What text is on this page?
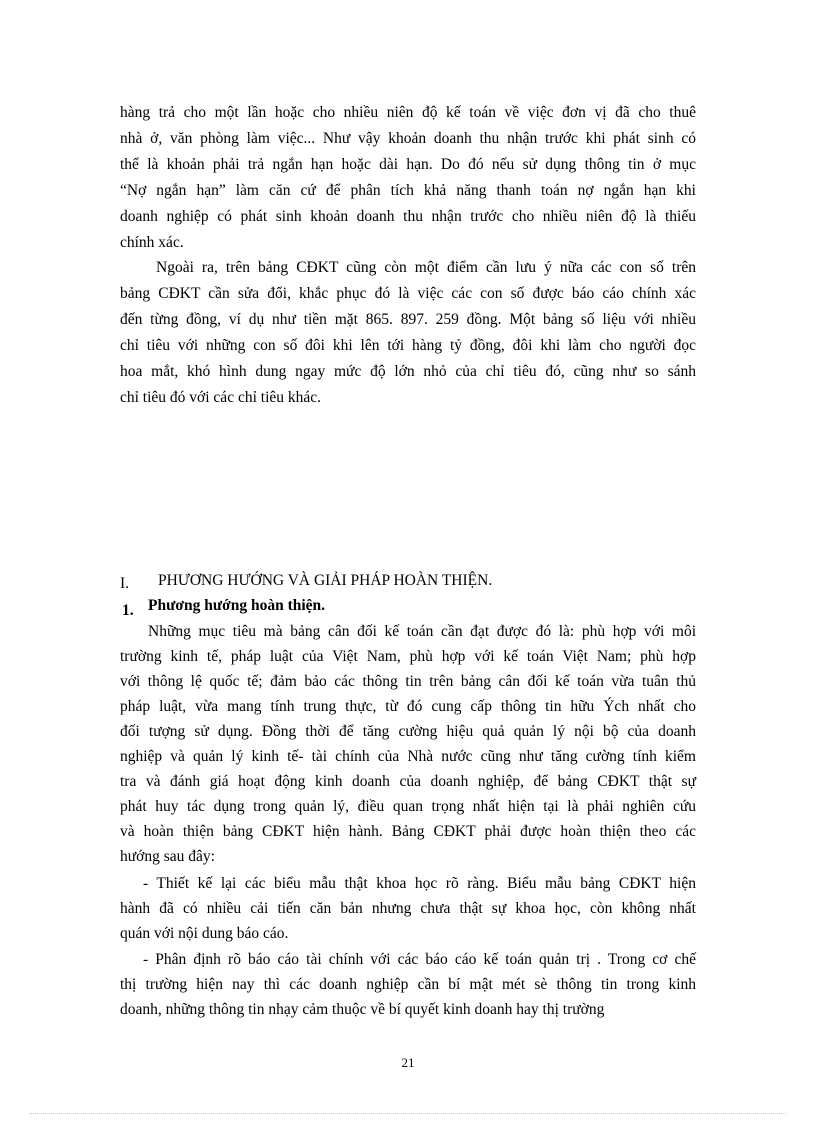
hàng trả cho một lần hoặc cho nhiều niên độ kế toán về việc đơn vị đã cho thuê
nhà ở, văn phòng làm việc... Như vậy khoản doanh thu nhận trước khi phát sinh có
thể là khoản phải trả ngắn hạn hoặc dài hạn. Do đó nếu sử dụng thông tin ở mục
“Nợ ngắn hạn” làm căn cứ để phân tích khả năng thanh toán nợ ngắn hạn khi
doanh nghiệp có phát sinh khoản doanh thu nhận trước cho nhiều niên độ là thiếu
chính xác.
Ngoài ra, trên bảng CĐKT cũng còn một điểm cần lưu ý nữa các con số trên
bảng CĐKT cần sửa đổi, khắc phục đó là việc các con số được báo cáo chính xác
đến từng đồng, ví dụ như tiền mặt 865. 897. 259 đồng. Một bảng số liệu với nhiều
chỉ tiêu với những con số đôi khi lên tới hàng tỷ đồng, đôi khi làm cho người đọc
hoa mắt, khó hình dung ngay mức độ lớn nhỏ của chỉ tiêu đó, cũng như so sánh
chỉ tiêu đó với các chỉ tiêu khác.
I. PHƯƠNG HƯỚNG VÀ GIẢI PHÁP HOÀN THIỆN.
1. Phương hướng hoàn thiện.
Những mục tiêu mà bảng cân đối kế toán cần đạt được đó là: phù hợp với môi
trường kinh tế, pháp luật của Việt Nam, phù hợp với kế toán Việt Nam; phù hợp
với thông lệ quốc tế; đảm bảo các thông tin trên bảng cân đối kế toán vừa tuân thủ
pháp luật, vừa mang tính trung thực, từ đó cung cấp thông tin hữu Ých nhất cho
đối tượng sử dụng. Đồng thời để tăng cường hiệu quả quản lý nội bộ của doanh
nghiệp và quản lý kinh tế- tài chính của Nhà nước cũng như tăng cường tính kiểm
tra và đánh giá hoạt động kinh doanh của doanh nghiệp, để bảng CĐKT thật sự
phát huy tác dụng trong quản lý, điều quan trọng nhất hiện tại là phải nghiên cứu
và hoàn thiện bảng CĐKT hiện hành. Bảng CĐKT phải được hoàn thiện theo các
hướng sau đây:
- Thiết kế lại các biểu mẫu thật khoa học rõ ràng. Biểu mẫu bảng CĐKT hiện
hành đã có nhiều cải tiến căn bản nhưng chưa thật sự khoa học, còn không nhất
quán với nội dung báo cáo.
- Phân định rõ báo cáo tài chính với các báo cáo kế toán quản trị . Trong cơ chế
thị trường hiện nay thì các doanh nghiệp cần bí mật mét sè thông tin trong kinh
doanh, những thông tin nhạy cảm thuộc về bí quyết kinh doanh hay thị trường
21
